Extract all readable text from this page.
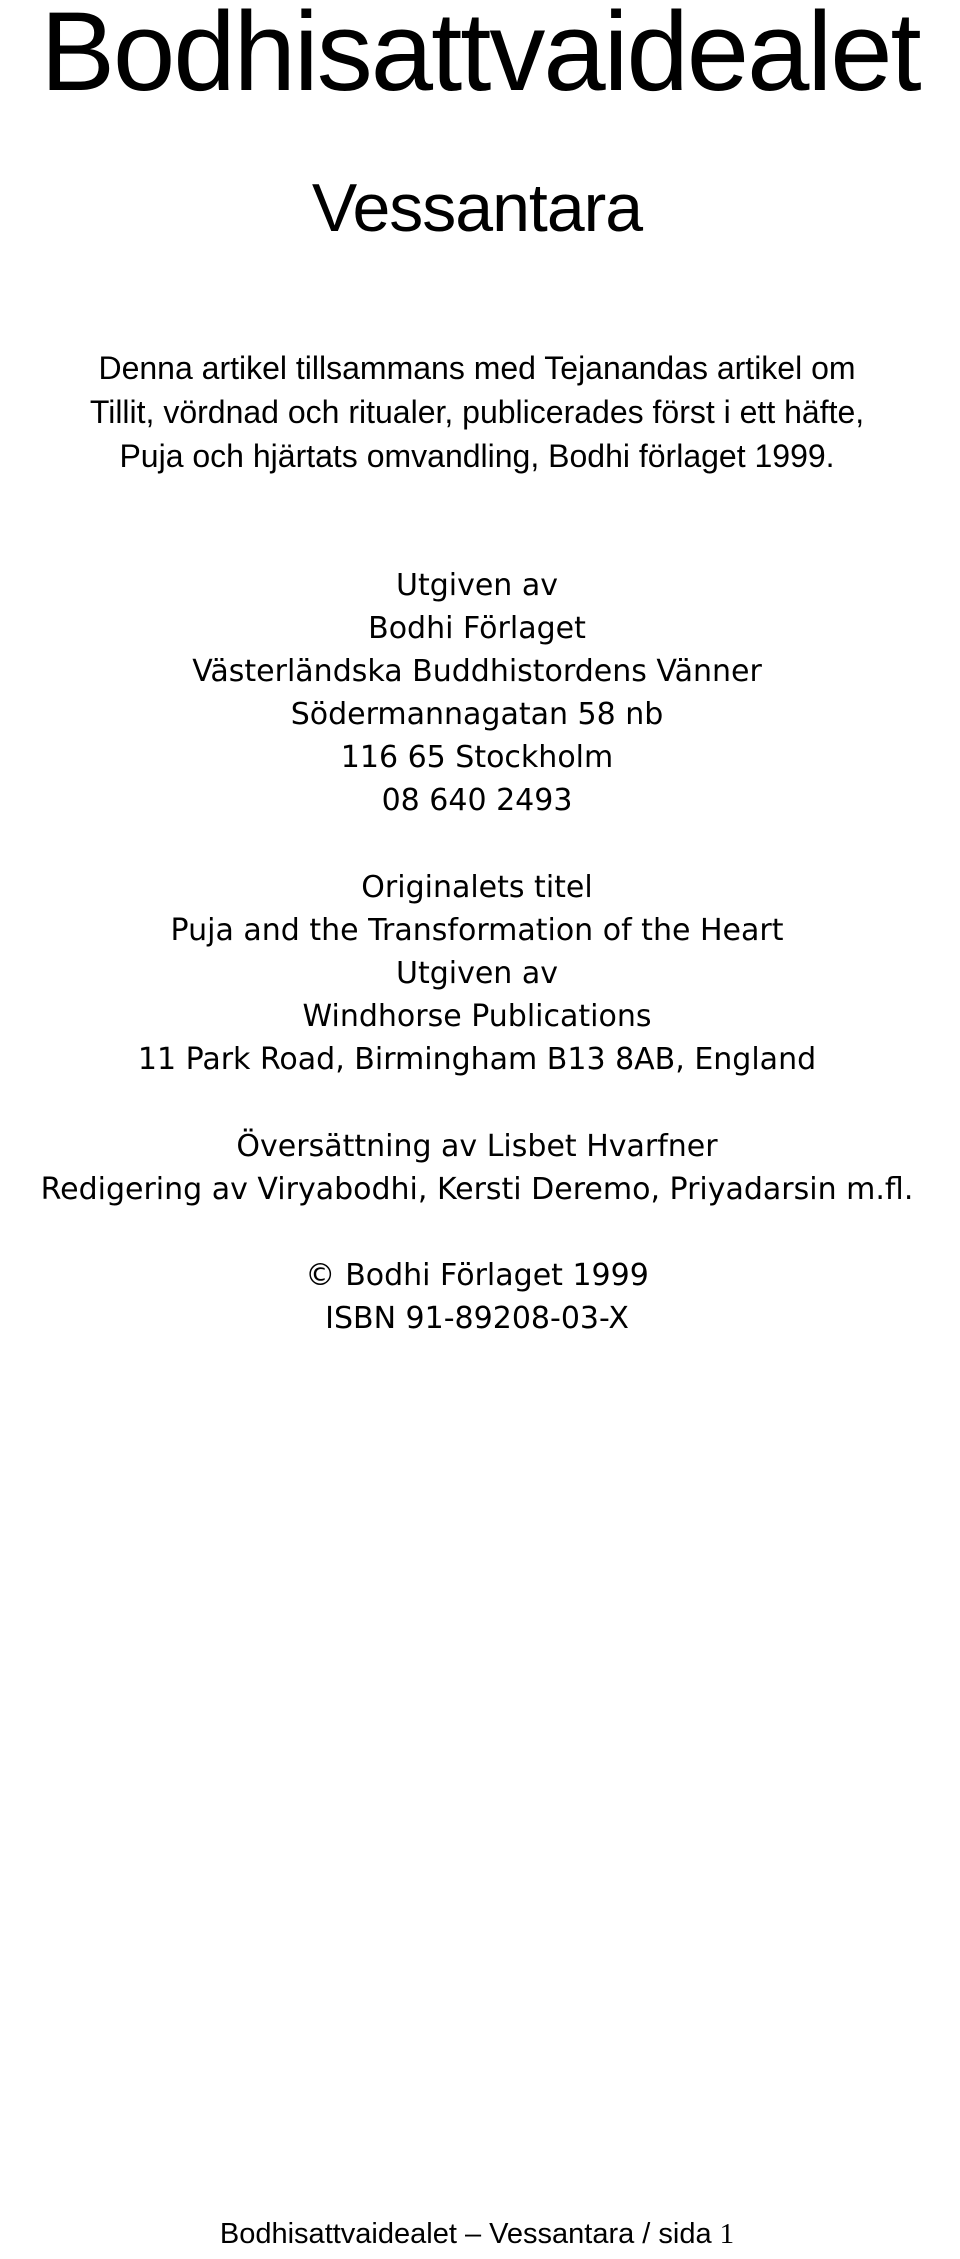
Bodhisattvaidealet
Vessantara
Denna artikel tillsammans med Tejanandas artikel om
Tillit, vördnad och ritualer, publicerades först i ett häfte,
Puja och hjärtats omvandling, Bodhi förlaget 1999.
Utgiven av
Bodhi Förlaget
Västerländska Buddhistordens Vänner
Södermannagatan 58 nb
116 65 Stockholm
08 640 2493
Originalets titel
Puja and the Transformation of the Heart
Utgiven av
Windhorse Publications
11 Park Road, Birmingham B13 8AB, England
Översättning av Lisbet Hvarfner
Redigering av Viryabodhi, Kersti Deremo, Priyadarsin m.fl.
© Bodhi Förlaget 1999
ISBN 91-89208-03-X
Bodhisattvaidealet – Vessantara / sida 1
